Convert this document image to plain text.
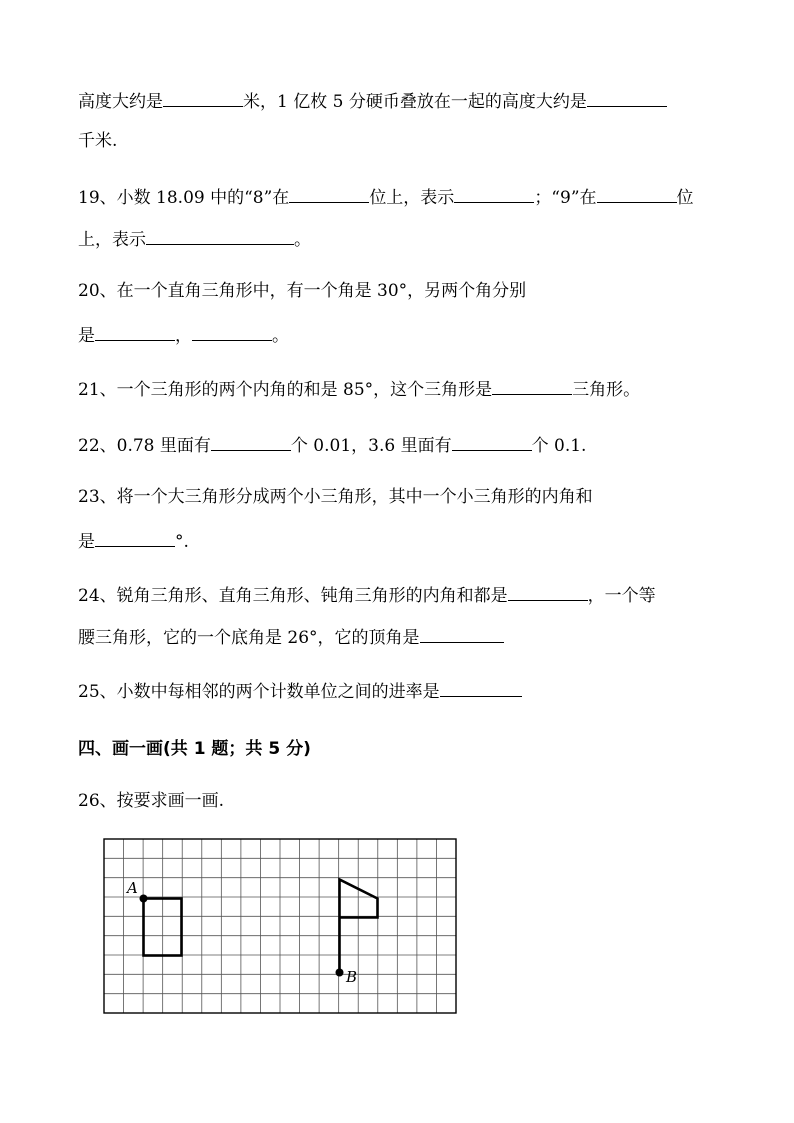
高度大约是	米，1 亿枚 5 分硬币叠放在一起的高度大约是
千米.
19、小数 18.09 中的“8”在	位上，表示	；“9”在	位
上，表示	。
20、在一个直角三角形中，有一个角是 30°，另两个角分别
是	，	。
21、一个三角形的两个内角的和是 85°，这个三角形是	三角形。
22、0.78 里面有	个 0.01，3.6 里面有	个 0.1.
23、将一个大三角形分成两个小三角形，其中一个小三角形的内角和
是	°.
24、锐角三角形、直角三角形、钝角三角形的内角和都是	，一个等
腰三角形，它的一个底角是 26°，它的顶角是
25、小数中每相邻的两个计数单位之间的进率是
四、画一画(共 1 题；共 5 分)
26、按要求画一画.
A
B
